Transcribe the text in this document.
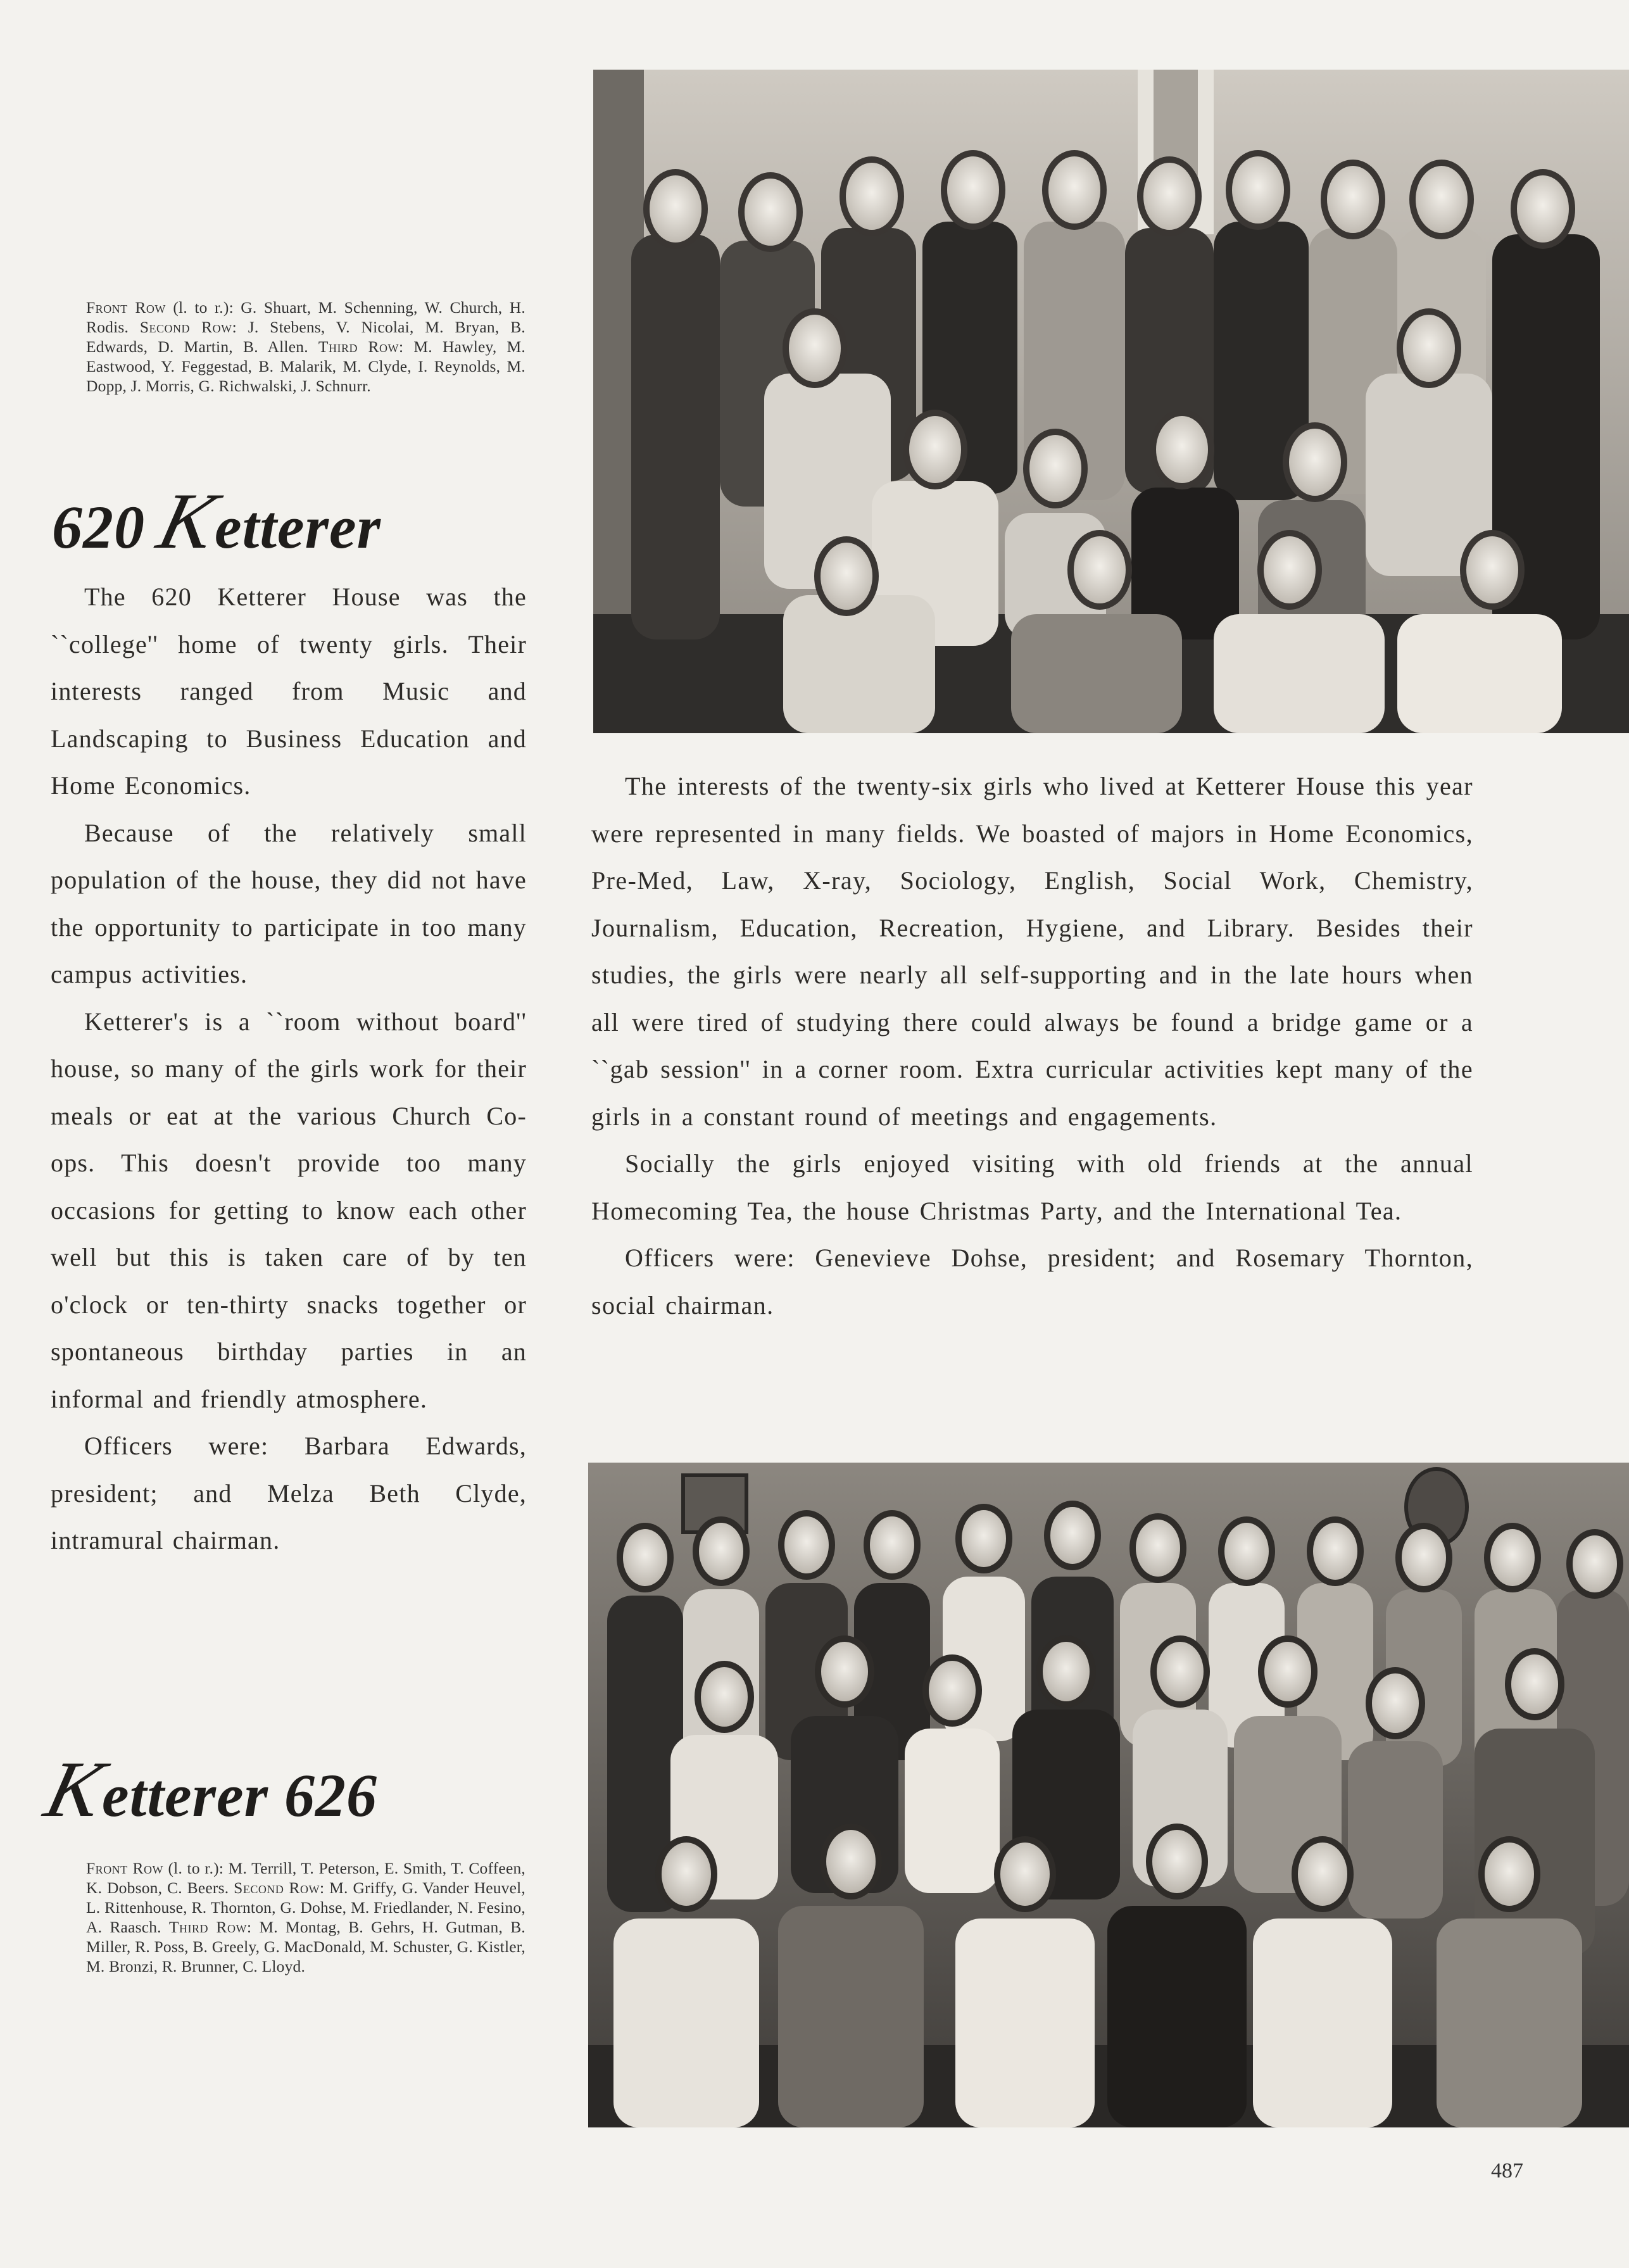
Front Row (l. to r.): G. Shuart, M. Schenning, W. Church, H. Rodis. Second Row: J. Stebens, V. Nicolai, M. Bryan, B. Edwards, D. Martin, B. Allen. Third Row: M. Hawley, M. Eastwood, Y. Feggestad, B. Malarik, M. Clyde, I. Reynolds, M. Dopp, J. Morris, G. Richwalski, J. Schnurr.
620 Ketterer

The 620 Ketterer House was the ``college'' home of twenty girls. Their interests ranged from Music and Landscaping to Business Education and Home Economics.

Because of the relatively small population of the house, they did not have the opportunity to participate in too many campus activities.

Ketterer's is a ``room without board'' house, so many of the girls work for their meals or eat at the various Church Co-ops. This doesn't provide too many occasions for getting to know each other well but this is taken care of by ten o'clock or ten-thirty snacks together or spontaneous birthday parties in an informal and friendly atmosphere.

Officers were: Barbara Edwards, president; and Melza Beth Clyde, intramural chairman.

Ketterer 626
Front Row (l. to r.): M. Terrill, T. Peterson, E. Smith, T. Coffeen, K. Dobson, C. Beers. Second Row: M. Griffy, G. Vander Heuvel, L. Rittenhouse, R. Thornton, G. Dohse, M. Friedlander, N. Fesino, A. Raasch. Third Row: M. Montag, B. Gehrs, H. Gutman, B. Miller, R. Poss, B. Greely, G. MacDonald, M. Schuster, G. Kistler, M. Bronzi, R. Brunner, C. Lloyd.

The interests of the twenty-six girls who lived at Ketterer House this year were represented in many fields. We boasted of majors in Home Economics, Pre-Med, Law, X-ray, Sociology, English, Social Work, Chemistry, Journalism, Education, Recreation, Hygiene, and Library. Besides their studies, the girls were nearly all self-supporting and in the late hours when all were tired of studying there could always be found a bridge game or a ``gab session'' in a corner room. Extra curricular activities kept many of the girls in a constant round of meetings and engagements.

Socially the girls enjoyed visiting with old friends at the annual Homecoming Tea, the house Christmas Party, and the International Tea.

Officers were: Genevieve Dohse, president; and Rosemary Thornton, social chairman.

487
